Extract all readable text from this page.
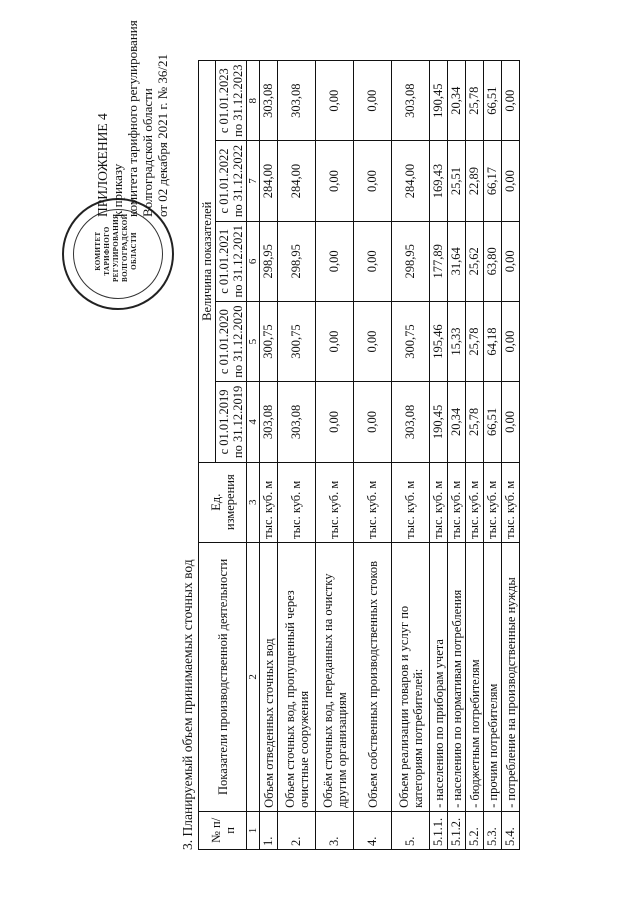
КОМИТЕТ ТАРИФНОГО РЕГУЛИРОВАНИЯ ВОЛГОГРАДСКОЙ ОБЛАСТИ
ПРИЛОЖЕНИЕ 4 к приказу комитета тарифного регулирования Волгоградской области от 02 декабря 2021 г. № 36/21
3. Планируемый объем принимаемых сточных вод № п/п	Показатели производственной деятельности	Ед. измерения	Величина показателей				
			с 01.01.2019 по 31.12.2019	с 01.01.2020 по 31.12.2020	с 01.01.2021 по 31.12.2021	с 01.01.2022 по 31.12.2022	с 01.01.2023 по 31.12.2023
1	2	3	4	5	6	7	8
1.	Объем отведенных сточных вод	тыс. куб. м	303,08	300,75	298,95	284,00	303,08
2.	Объем сточных вод, пропущенный через очистные сооружения	тыс. куб. м	303,08	300,75	298,95	284,00	303,08
3.	Объём сточных вод, переданных на очистку другим организациям	тыс. куб. м	0,00	0,00	0,00	0,00	0,00
4.	Объем собственных производственных стоков	тыс. куб. м	0,00	0,00	0,00	0,00	0,00
5.	Объем реализации товаров и услуг по категориям потребителей:	тыс. куб. м	303,08	300,75	298,95	284,00	303,08
5.1.1.	- населению по приборам учета	тыс. куб. м	190,45	195,46	177,89	169,43	190,45
5.1.2.	- населению по нормативам потребления	тыс. куб. м	20,34	15,33	31,64	25,51	20,34
5.2.	- бюджетным потребителям	тыс. куб. м	25,78	25,78	25,62	22,89	25,78
5.3.	- прочим потребителям	тыс. куб. м	66,51	64,18	63,80	66,17	66,51
5.4.	- потребление на производственные нужды	тыс. куб. м	0,00	0,00	0,00	0,00	0,00
